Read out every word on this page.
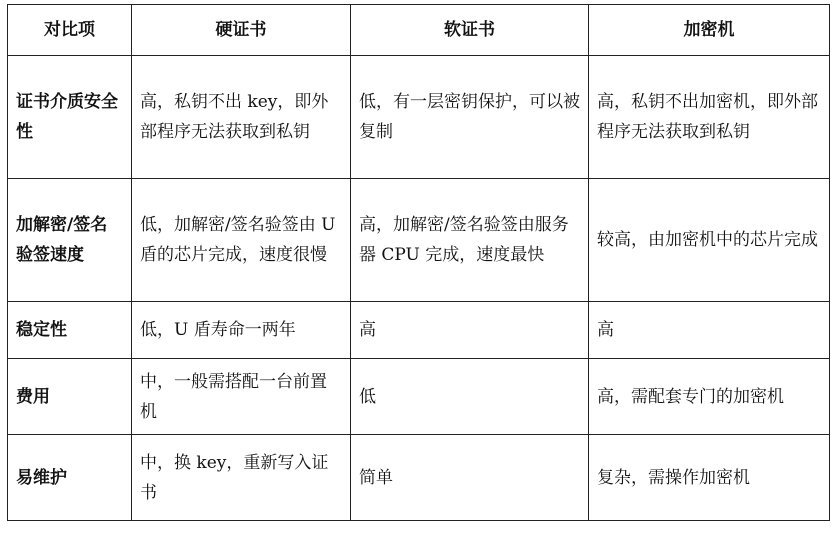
对比项	硬证书	软证书	加密机
证书介质安全性	高，私钥不出 key，即外部程序无法获取到私钥	低，有一层密钥保护，可以被复制	高，私钥不出加密机，即外部程序无法获取到私钥
加解密/签名验签速度	低，加解密/签名验签由 U 盾的芯片完成，速度很慢	高，加解密/签名验签由服务器 CPU 完成，速度最快	较高，由加密机中的芯片完成
稳定性	低，U 盾寿命一两年	高	高
费用	中，一般需搭配一台前置机	低	高，需配套专门的加密机
易维护	中，换 key，重新写入证书	简单	复杂，需操作加密机
